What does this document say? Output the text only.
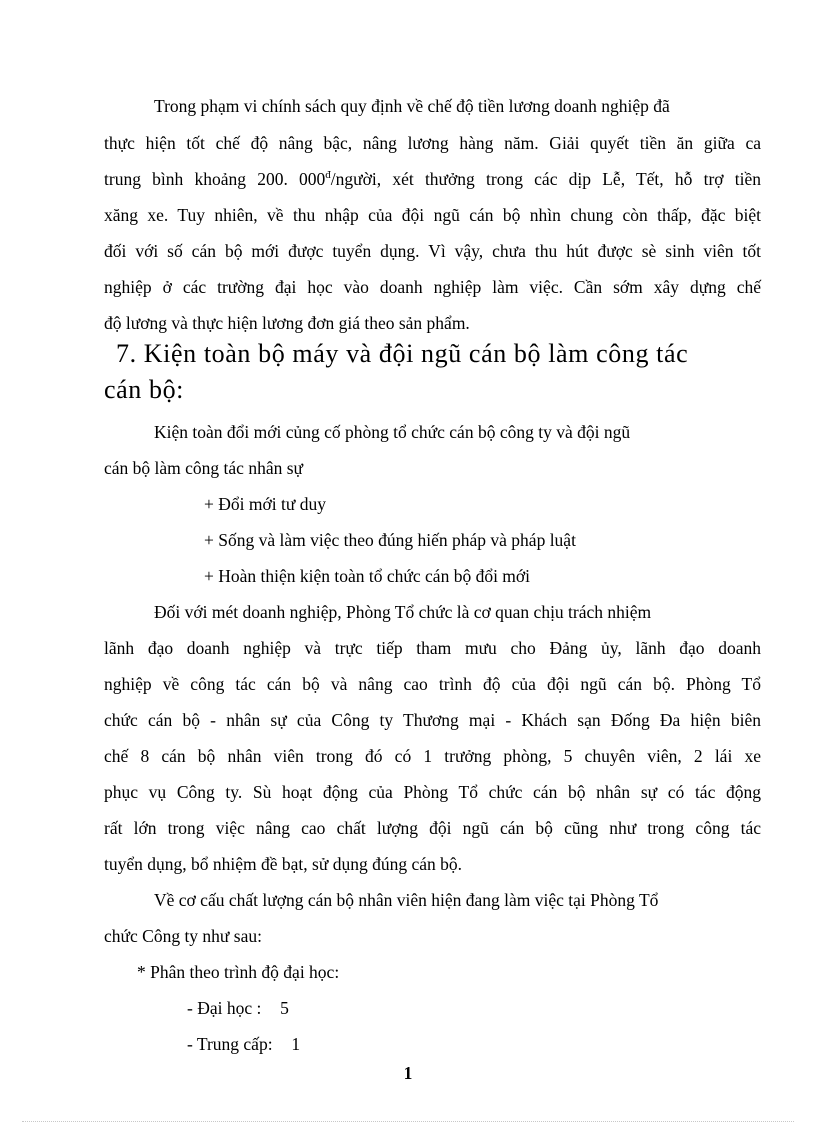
Trong phạm vi chính sách quy định về chế độ tiền lương doanh nghiệp đã
thực hiện tốt chế độ nâng bậc, nâng lương hàng năm. Giải quyết tiền ăn giữa ca
trung bình khoảng 200. $000^đ$/người, xét thưởng trong các dịp Lễ, Tết, hỗ trợ tiền
xăng xe. Tuy nhiên, về thu nhập của đội ngũ cán bộ nhìn chung còn thấp, đặc biệt
đối với số cán bộ mới được tuyển dụng. Vì vậy, chưa thu hút được sè sinh viên tốt
nghiệp ở các trường đại học vào doanh nghiệp làm việc. Cần sớm xây dựng chế
độ lương và thực hiện lương đơn giá theo sản phẩm.
7. Kiện toàn bộ máy và đội ngũ cán bộ làm công tác
cán bộ:
Kiện toàn đổi mới củng cố phòng tổ chức cán bộ công ty và đội ngũ
cán bộ làm công tác nhân sự
+ Đổi mới tư duy
+ Sống và làm việc theo đúng hiến pháp và pháp luật
+ Hoàn thiện kiện toàn tổ chức cán bộ đổi mới
Đối với mét doanh nghiệp, Phòng Tổ chức là cơ quan chịu trách nhiệm
lãnh đạo doanh nghiệp và trực tiếp tham mưu cho Đảng ủy, lãnh đạo doanh
nghiệp về công tác cán bộ và nâng cao trình độ của đội ngũ cán bộ. Phòng Tổ
chức cán bộ - nhân sự của Công ty Thương mại - Khách sạn Đống Đa hiện biên
chế 8 cán bộ nhân viên trong đó có 1 trưởng phòng, 5 chuyên viên, 2 lái xe
phục vụ Công ty. Sù hoạt động của Phòng Tổ chức cán bộ nhân sự có tác động
rất lớn trong việc nâng cao chất lượng đội ngũ cán bộ cũng như trong công tác
tuyển dụng, bổ nhiệm đề bạt, sử dụng đúng cán bộ.
Về cơ cấu chất lượng cán bộ nhân viên hiện đang làm việc tại Phòng Tổ
chức Công ty như sau:
* Phân theo trình độ đại học:
- Đại học : 5
- Trung cấp: 1
1
